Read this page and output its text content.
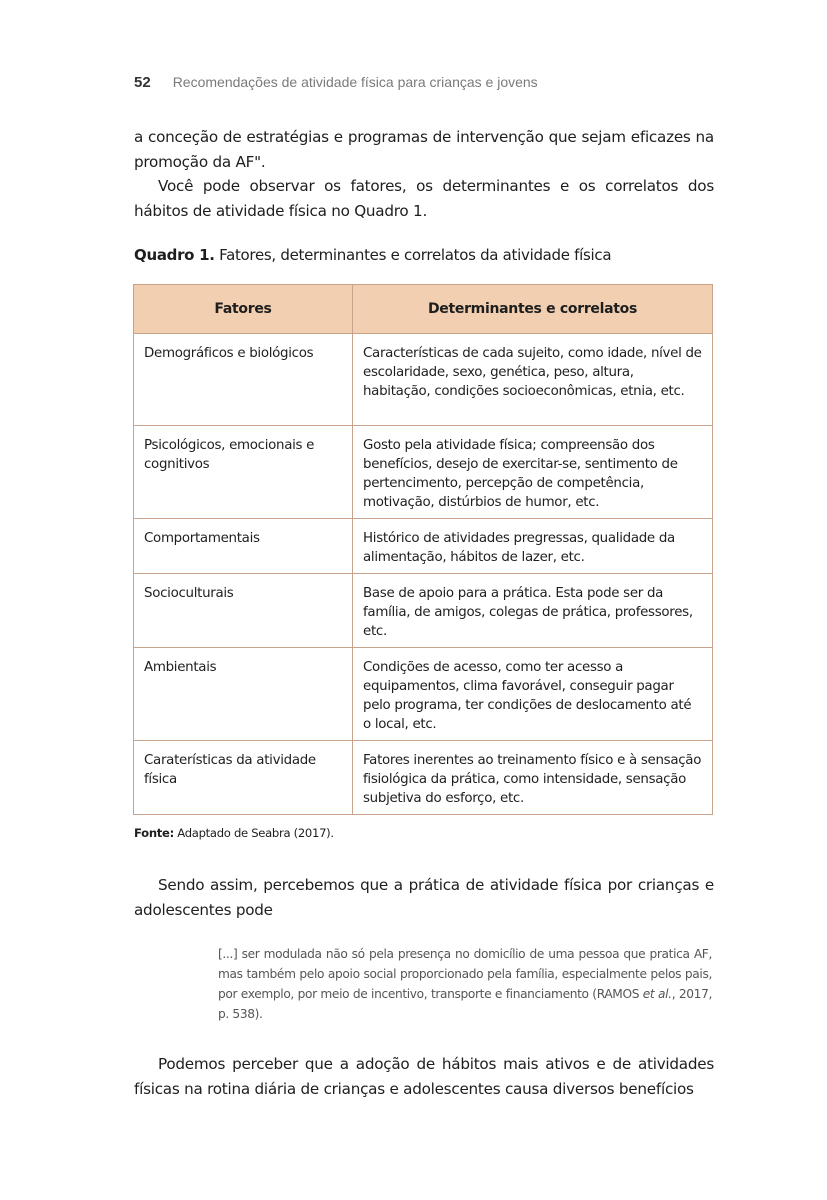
52 Recomendações de atividade física para crianças e jovens

a conceção de estratégias e programas de intervenção que sejam eficazes na promoção da AF".

Você pode observar os fatores, os determinantes e os correlatos dos hábitos de atividade física no Quadro 1.

Quadro 1. Fatores, determinantes e correlatos da atividade física
Fatores	Determinantes e correlatos
Demográficos e biológicos	Características de cada sujeito, como idade, nível de escolaridade, sexo, genética, peso, altura, habitação, condições socioeconômicas, etnia, etc.
Psicológicos, emocionais e cognitivos	Gosto pela atividade física; compreensão dos benefícios, desejo de exercitar-se, sentimento de pertencimento, percepção de competência, motivação, distúrbios de humor, etc.
Comportamentais	Histórico de atividades pregressas, qualidade da alimentação, hábitos de lazer, etc.
Socioculturais	Base de apoio para a prática. Esta pode ser da família, de amigos, colegas de prática, professores, etc.
Ambientais	Condições de acesso, como ter acesso a equipamentos, clima favorável, conseguir pagar pelo programa, ter condições de deslocamento até o local, etc.
Caraterísticas da atividade física	Fatores inerentes ao treinamento físico e à sensação fisiológica da prática, como intensidade, sensação subjetiva do esforço, etc.
Fonte: Adaptado de Seabra (2017).

Sendo assim, percebemos que a prática de atividade física por crianças e adolescentes pode

[...] ser modulada não só pela presença no domicílio de uma pessoa que pratica AF, mas também pelo apoio social proporcionado pela família, especialmente pelos pais, por exemplo, por meio de incentivo, transporte e financiamento (RAMOS et al., 2017, p. 538).

Podemos perceber que a adoção de hábitos mais ativos e de atividades físicas na rotina diária de crianças e adolescentes causa diversos benefícios
